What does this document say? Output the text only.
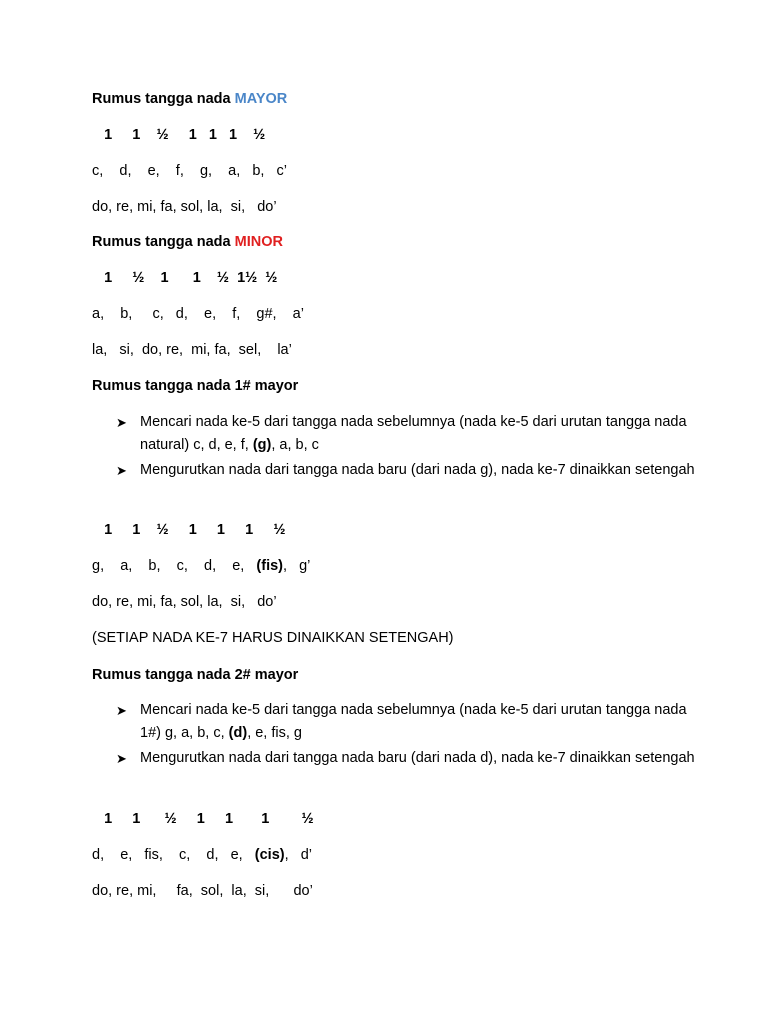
Rumus tangga nada MAYOR
1     1    ½     1   1   1    ½
c,    d,    e,    f,    g,    a,   b,   c’
do, re, mi, fa, sol, la,  si,   do’
Rumus tangga nada MINOR
1     ½    1      1    ½  1½  ½
a,    b,     c,   d,    e,    f,    g#,    a’
la,   si,  do, re,  mi, fa,  sel,    la’
Rumus tangga nada 1# mayor
➤ Mencari nada ke-5 dari tangga nada sebelumnya (nada ke-5 dari urutan tangga nada natural) c, d, e, f, (g), a, b, c
➤ Mengurutkan nada dari tangga nada baru (dari nada g), nada ke-7 dinaikkan setengah
1     1    ½     1     1     1     ½
g,    a,    b,    c,    d,    e,   (fis),   g’
do, re, mi, fa, sol, la,  si,   do’
(SETIAP NADA KE-7 HARUS DINAIKKAN SETENGAH)
Rumus tangga nada 2# mayor
➤ Mencari nada ke-5 dari tangga nada sebelumnya (nada ke-5 dari urutan tangga nada 1#) g, a, b, c, (d), e, fis, g
➤ Mengurutkan nada dari tangga nada baru (dari nada d), nada ke-7 dinaikkan setengah
1     1      ½     1     1       1        ½
d,    e,   fis,    c,    d,   e,   (cis),   d’
do, re, mi,     fa,  sol,  la,  si,      do’
